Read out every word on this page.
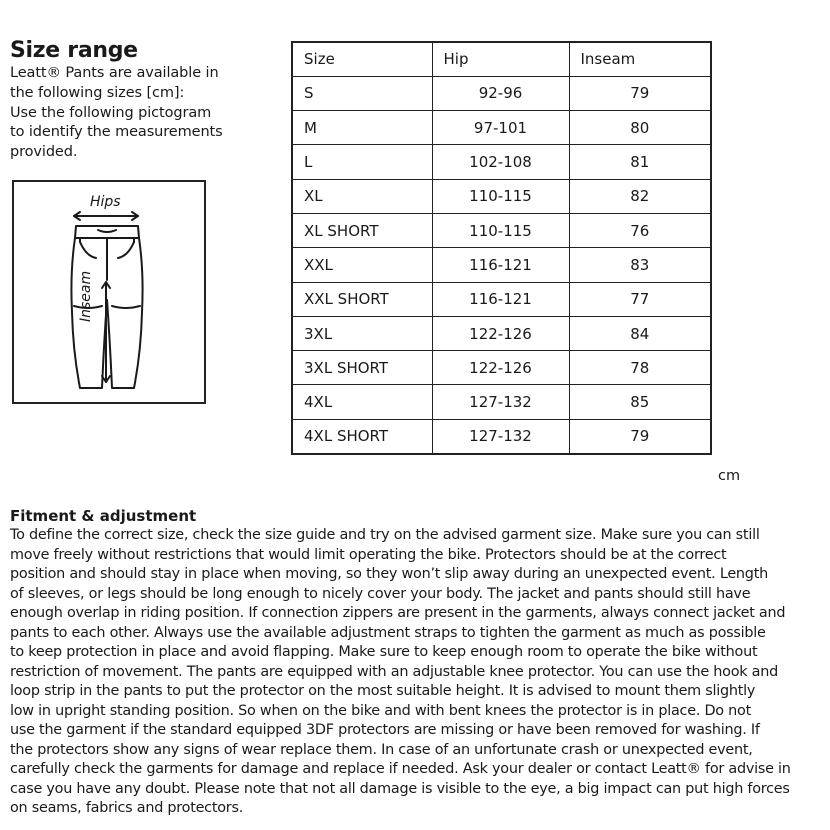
Size range

Leatt® Pants are available in
the following sizes [cm]:
Use the following pictogram
to identify the measurements
provided.

Hips
Inseam
Size	Hip	Inseam
S	92-96	79
M	97-101	80
L	102-108	81
XL	110-115	82
XL SHORT	110-115	76
XXL	116-121	83
XXL SHORT	116-121	77
3XL	122-126	84
3XL SHORT	122-126	78
4XL	127-132	85
4XL SHORT	127-132	79
cm
Fitment & adjustment

To define the correct size, check the size guide and try on the advised garment size. Make sure you can still
move freely without restrictions that would limit operating the bike. Protectors should be at the correct
position and should stay in place when moving, so they won’t slip away during an unexpected event. Length
of sleeves, or legs should be long enough to nicely cover your body. The jacket and pants should still have
enough overlap in riding position. If connection zippers are present in the garments, always connect jacket and
pants to each other. Always use the available adjustment straps to tighten the garment as much as possible
to keep protection in place and avoid flapping. Make sure to keep enough room to operate the bike without
restriction of movement. The pants are equipped with an adjustable knee protector. You can use the hook and
loop strip in the pants to put the protector on the most suitable height. It is advised to mount them slightly
low in upright standing position. So when on the bike and with bent knees the protector is in place. Do not
use the garment if the standard equipped 3DF protectors are missing or have been removed for washing. If
the protectors show any signs of wear replace them. In case of an unfortunate crash or unexpected event,
carefully check the garments for damage and replace if needed. Ask your dealer or contact Leatt® for advise in
case you have any doubt. Please note that not all damage is visible to the eye, a big impact can put high forces
on seams, fabrics and protectors.
